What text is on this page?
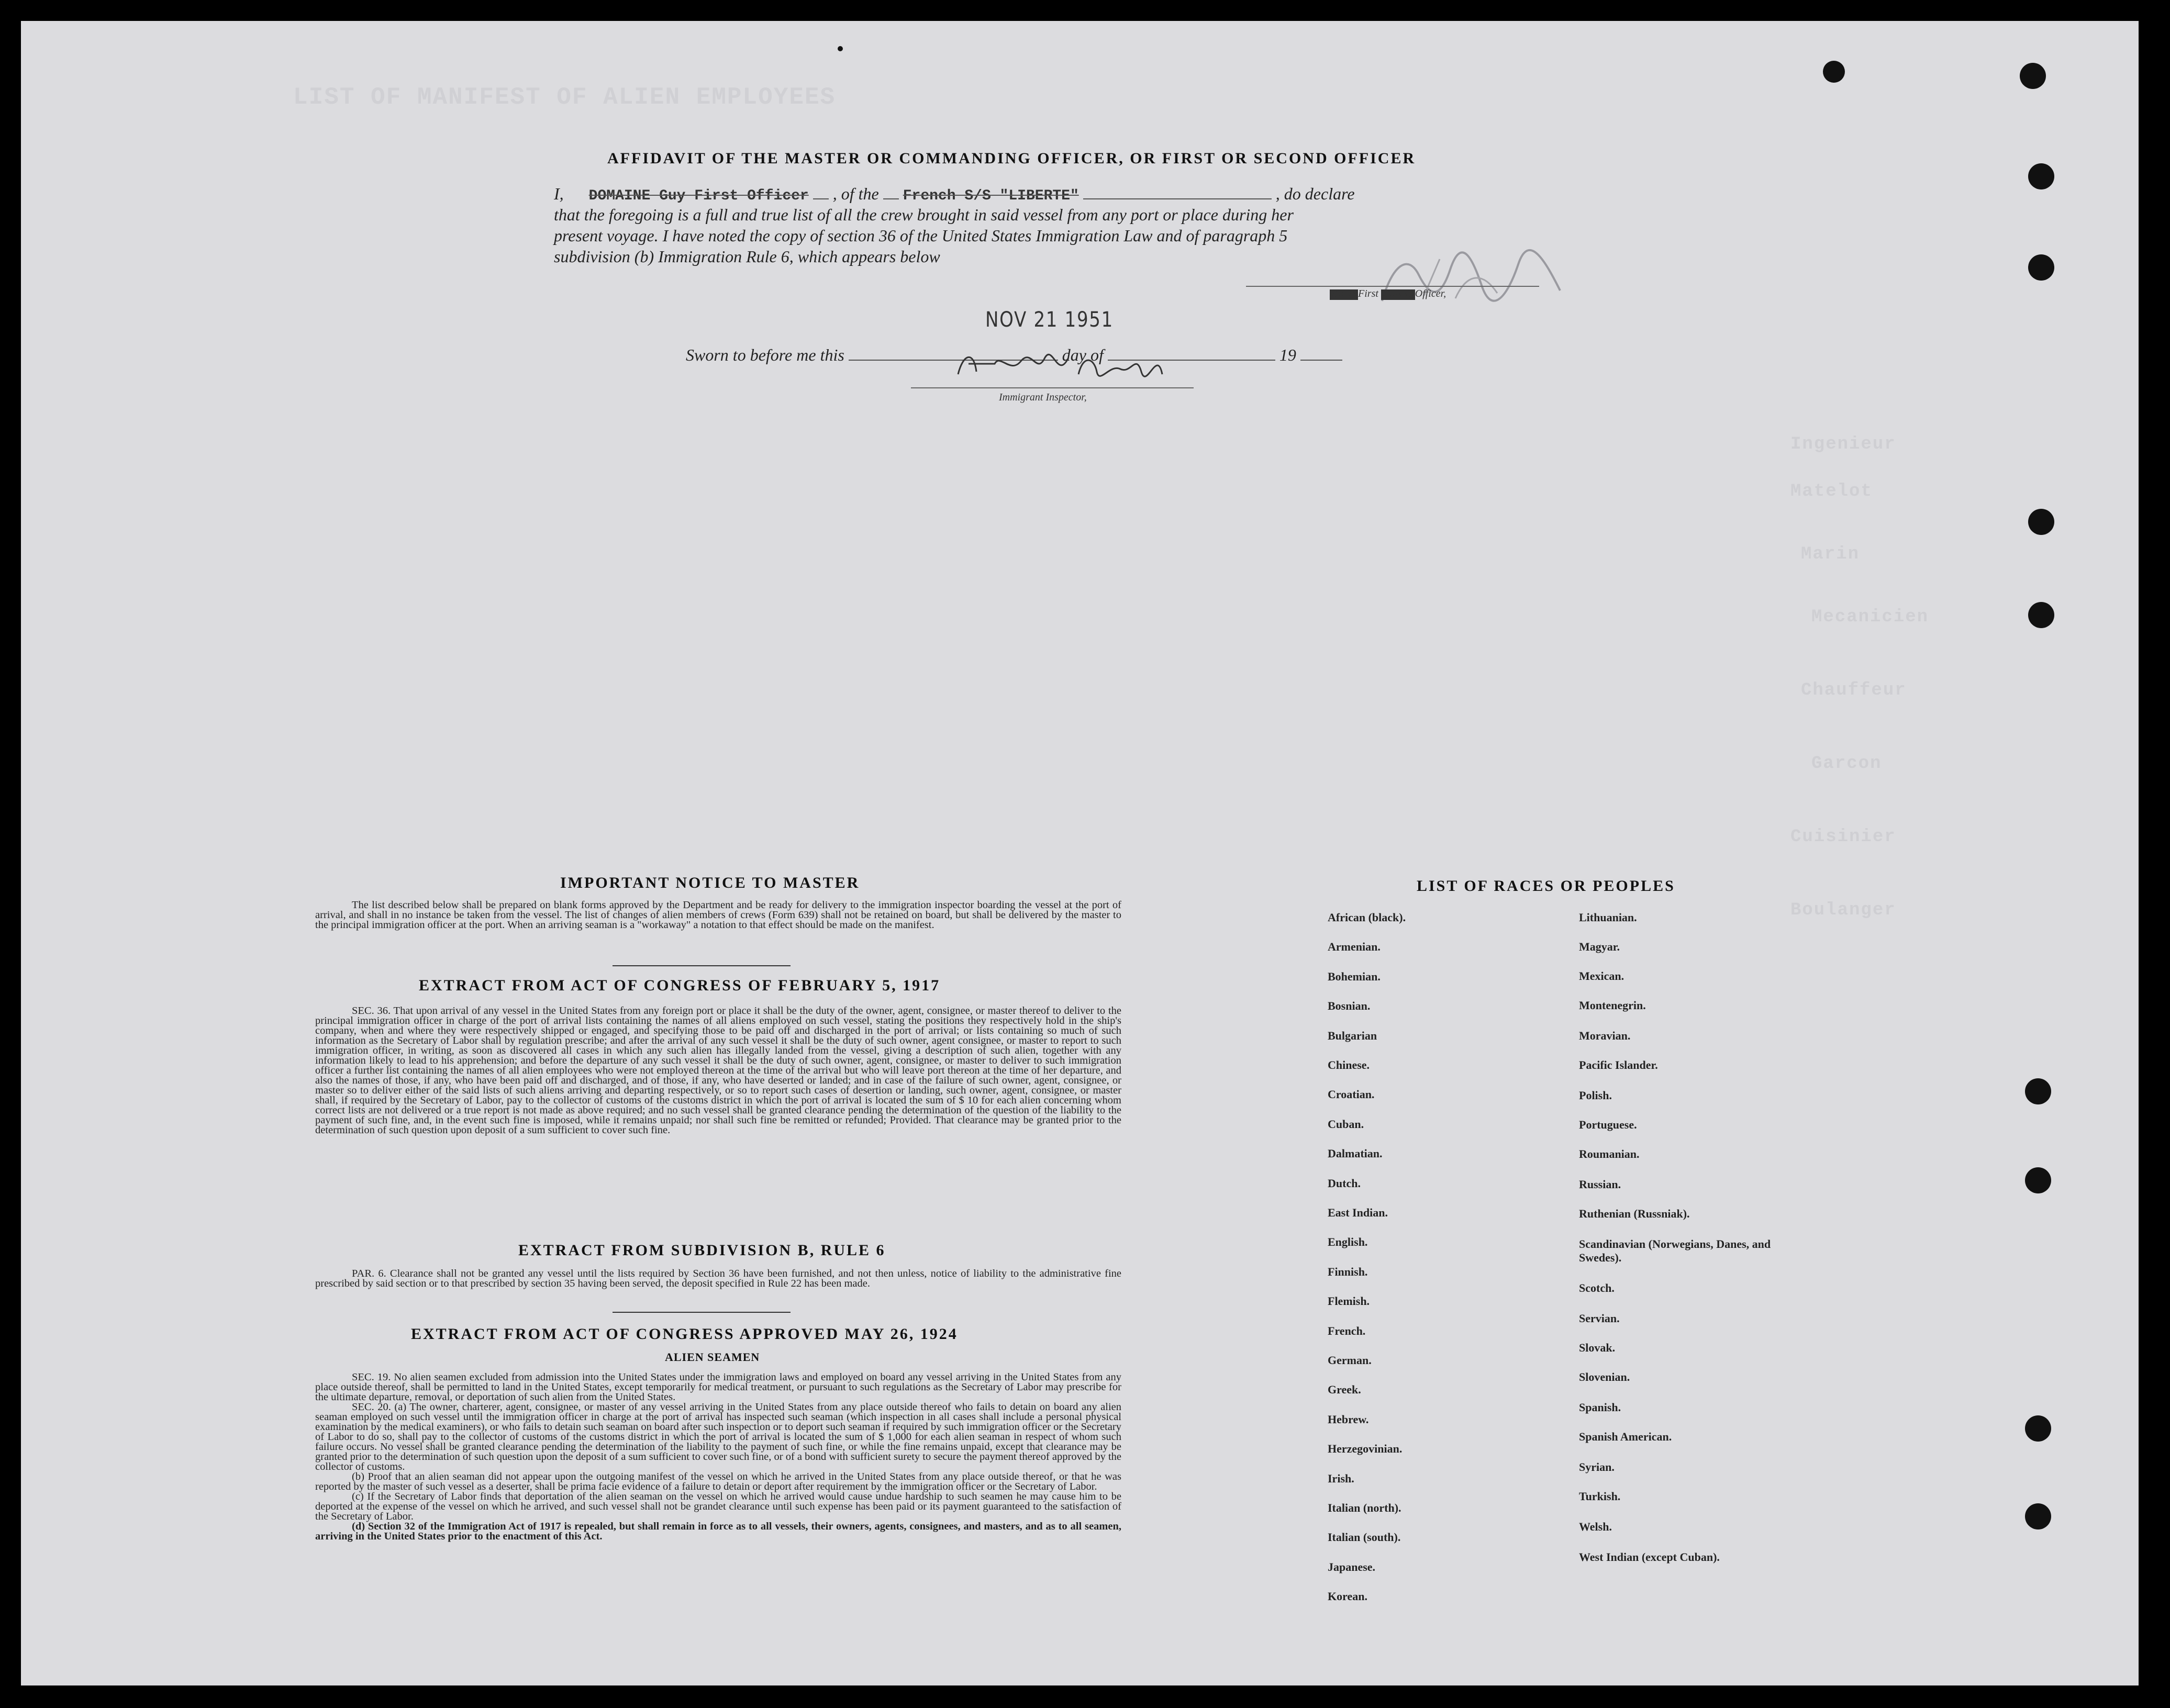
LIST OF MANIFEST OF ALIEN EMPLOYEES
AFFIDAVIT OF THE MASTER OR COMMANDING OFFICER, OR FIRST OR SECOND OFFICER
I, DOMAINE Guy First Officer , of the French S/S "LIBERTE"	, do declare
that the foregoing is a full and true list of all the crew brought in said vessel from any port or place during her
present voyage. I have noted the copy of section 36 of the United States Immigration Law and of paragraph 5
subdivision (b) Immigration Rule 6, which appears below
XXXXXFirst XXXXXXOfficer,
NOV 21 1951
Sworn to before me this	day of	19
Immigrant Inspector,
IMPORTANT NOTICE TO MASTER

The list described below shall be prepared on blank forms approved by the Department and be ready for delivery to the immigration inspector boarding the vessel at the port of arrival, and shall in no instance be taken from the vessel. The list of changes of alien members of crews (Form 639) shall not be retained on board, but shall be delivered by the master to the principal immigration officer at the port. When an arriving seaman is a "workaway" a notation to that effect should be made on the manifest.

EXTRACT FROM ACT OF CONGRESS OF FEBRUARY 5, 1917

SEC. 36. That upon arrival of any vessel in the United States from any foreign port or place it shall be the duty of the owner, agent, consignee, or master thereof to deliver to the principal immigration officer in charge of the port of arrival lists containing the names of all aliens employed on such vessel, stating the positions they respectively hold in the ship's company, when and where they were respectively shipped or engaged, and specifying those to be paid off and discharged in the port of arrival; or lists containing so much of such information as the Secretary of Labor shall by regulation prescribe; and after the arrival of any such vessel it shall be the duty of such owner, agent consignee, or master to report to such immigration officer, in writing, as soon as discovered all cases in which any such alien has illegally landed from the vessel, giving a description of such alien, together with any information likely to lead to his apprehension; and before the departure of any such vessel it shall be the duty of such owner, agent, consignee, or master to deliver to such immigration officer a further list containing the names of all alien employees who were not employed thereon at the time of the arrival but who will leave port thereon at the time of her departure, and also the names of those, if any, who have been paid off and discharged, and of those, if any, who have deserted or landed; and in case of the failure of such owner, agent, consignee, or master so to deliver either of the said lists of such aliens arriving and departing respectively, or so to report such cases of desertion or landing, such owner, agent, consignee, or master shall, if required by the Secretary of Labor, pay to the collector of customs of the customs district in which the port of arrival is located the sum of $ 10 for each alien concerning whom correct lists are not delivered or a true report is not made as above required; and no such vessel shall be granted clearance pending the determination of the question of the liability to the payment of such fine, and, in the event such fine is imposed, while it remains unpaid; nor shall such fine be remitted or refunded; Provided. That clearance may be granted prior to the determination of such question upon deposit of a sum sufficient to cover such fine.

EXTRACT FROM SUBDIVISION B, RULE 6

PAR. 6. Clearance shall not be granted any vessel until the lists required by Section 36 have been furnished, and not then unless, notice of liability to the administrative fine prescribed by said section or to that prescribed by section 35 having been served, the deposit specified in Rule 22 has been made.

EXTRACT FROM ACT OF CONGRESS APPROVED MAY 26, 1924
ALIEN SEAMEN

SEC. 19. No alien seamen excluded from admission into the United States under the immigration laws and employed on board any vessel arriving in the United States from any place outside thereof, shall be permitted to land in the United States, except temporarily for medical treatment, or pursuant to such regulations as the Secretary of Labor may prescribe for the ultimate departure, removal, or deportation of such alien from the United States.

SEC. 20. (a) The owner, charterer, agent, consignee, or master of any vessel arriving in the United States from any place outside thereof who fails to detain on board any alien seaman employed on such vessel until the immigration officer in charge at the port of arrival has inspected such seaman (which inspection in all cases shall include a personal physical examination by the medical examiners), or who fails to detain such seaman on board after such inspection or to deport such seaman if required by such immigration officer or the Secretary of Labor to do so, shall pay to the collector of customs of the customs district in which the port of arrival is located the sum of $ 1,000 for each alien seaman in respect of whom such failure occurs. No vessel shall be granted clearance pending the determination of the liability to the payment of such fine, or while the fine remains unpaid, except that clearance may be granted prior to the determination of such question upon the deposit of a sum sufficient to cover such fine, or of a bond with sufficient surety to secure the payment thereof approved by the collector of customs.

(b) Proof that an alien seaman did not appear upon the outgoing manifest of the vessel on which he arrived in the United States from any place outside thereof, or that he was reported by the master of such vessel as a deserter, shall be prima facie evidence of a failure to detain or deport after requirement by the immigration officer or the Secretary of Labor.

(c) If the Secretary of Labor finds that deportation of the alien seaman on the vessel on which he arrived would cause undue hardship to such seamen he may cause him to be deported at the expense of the vessel on which he arrived, and such vessel shall not be grandet clearance until such expense has been paid or its payment guaranteed to the satisfaction of the Secretary of Labor.

(d) Section 32 of the Immigration Act of 1917 is repealed, but shall remain in force as to all vessels, their owners, agents, consignees, and masters, and as to all seamen, arriving in the United States prior to the enactment of this Act.

LIST OF RACES OR PEOPLES
African (black).
Armenian.
Bohemian.
Bosnian.
Bulgarian
Chinese.
Croatian.
Cuban.
Dalmatian.
Dutch.
East Indian.
English.
Finnish.
Flemish.
French.
German.
Greek.
Hebrew.
Herzegovinian.
Irish.
Italian (north).
Italian (south).
Japanese.
Korean.
Lithuanian.
Magyar.
Mexican.
Montenegrin.
Moravian.
Pacific Islander.
Polish.
Portuguese.
Roumanian.
Russian.
Ruthenian (Russniak).
Scandinavian (Norwegians, Danes, and Swedes).
Scotch.
Servian.
Slovak.
Slovenian.
Spanish.
Spanish American.
Syrian.
Turkish.
Welsh.
West Indian (except Cuban).
Ingenieur
Matelot
Marin
Mecanicien
Chauffeur
Garcon
Cuisinier
Boulanger
